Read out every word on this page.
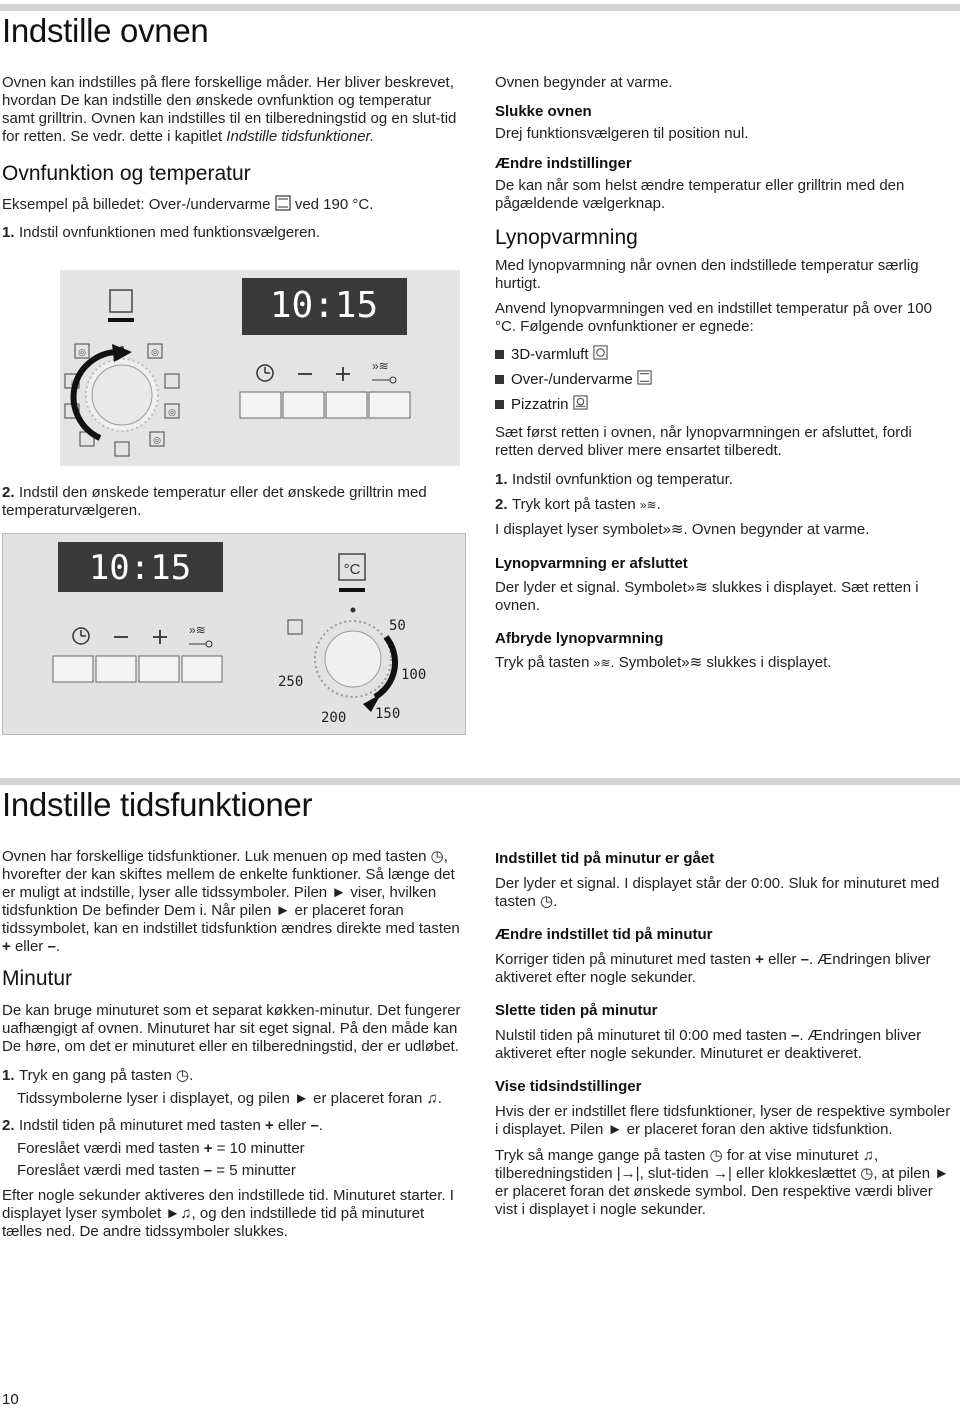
Indstille ovnen

Ovnen kan indstilles på flere forskellige måder. Her bliver beskrevet, hvordan De kan indstille den ønskede ovnfunktion og temperatur samt grilltrin. Ovnen kan indstilles til en tilberedningstid og en slut-tid for retten. Se vedr. dette i kapitlet Indstille tidsfunktioner.

Ovnfunktion og temperatur

Eksempel på billedet: Over-/undervarme ved 190 °C.

1. Indstil ovnfunktionen med funktionsvælgeren.

10:15
◎	◎
↓
◎
◎
»≋

2. Indstil den ønskede temperatur eller det ønskede grilltrin med temperaturvælgeren.

10:15
»≋
°C
50
100
150
200
250

Ovnen begynder at varme.

Slukke ovnen

Drej funktionsvælgeren til position nul.

Ændre indstillinger

De kan når som helst ændre temperatur eller grilltrin med den pågældende vælgerknap.

Lynopvarmning

Med lynopvarmning når ovnen den indstillede temperatur særlig hurtigt.

Anvend lynopvarmningen ved en indstillet temperatur på over 100 °C. Følgende ovnfunktioner er egnede:

3D-varmluft

Over-/undervarme

Pizzatrin

Sæt først retten i ovnen, når lynopvarmningen er afsluttet, fordi retten derved bliver mere ensartet tilberedt.

1. Indstil ovnfunktion og temperatur.

2. Tryk kort på tasten »≋.

I displayet lyser symbolet»≋. Ovnen begynder at varme.

Lynopvarmning er afsluttet

Der lyder et signal. Symbolet»≋ slukkes i displayet. Sæt retten i ovnen.

Afbryde lynopvarmning

Tryk på tasten »≋. Symbolet»≋ slukkes i displayet.

Indstille tidsfunktioner

Ovnen har forskellige tidsfunktioner. Luk menuen op med tasten ◷, hvorefter der kan skiftes mellem de enkelte funktioner. Så længe det er muligt at indstille, lyser alle tidssymboler. Pilen ► viser, hvilken tidsfunktion De befinder Dem i. Når pilen ► er placeret foran tidssymbolet, kan en indstillet tidsfunktion ændres direkte med tasten + eller –.

Minutur

De kan bruge minuturet som et separat køkken-minutur. Det fungerer uafhængigt af ovnen. Minuturet har sit eget signal. På den måde kan De høre, om det er minuturet eller en tilberedningstid, der er udløbet.

1. Tryk en gang på tasten ◷.

Tidssymbolerne lyser i displayet, og pilen ► er placeret foran ♫.

2. Indstil tiden på minuturet med tasten + eller –.

Foreslået værdi med tasten + = 10 minutter

Foreslået værdi med tasten – = 5 minutter

Efter nogle sekunder aktiveres den indstillede tid. Minuturet starter. I displayet lyser symbolet ►♫, og den indstillede tid på minuturet tælles ned. De andre tidssymboler slukkes.

Indstillet tid på minutur er gået

Der lyder et signal. I displayet står der 0:00. Sluk for minuturet med tasten ◷.

Ændre indstillet tid på minutur

Korriger tiden på minuturet med tasten + eller –. Ændringen bliver aktiveret efter nogle sekunder.

Slette tiden på minutur

Nulstil tiden på minuturet til 0:00 med tasten –. Ændringen bliver aktiveret efter nogle sekunder. Minuturet er deaktiveret.

Vise tidsindstillinger

Hvis der er indstillet flere tidsfunktioner, lyser de respektive symboler i displayet. Pilen ► er placeret foran den aktive tidsfunktion.

Tryk så mange gange på tasten ◷ for at vise minuturet ♫, tilberedningstiden |→|, slut-tiden →| eller klokkeslættet ◷, at pilen ► er placeret foran det ønskede symbol. Den respektive værdi bliver vist i displayet i nogle sekunder.

10
